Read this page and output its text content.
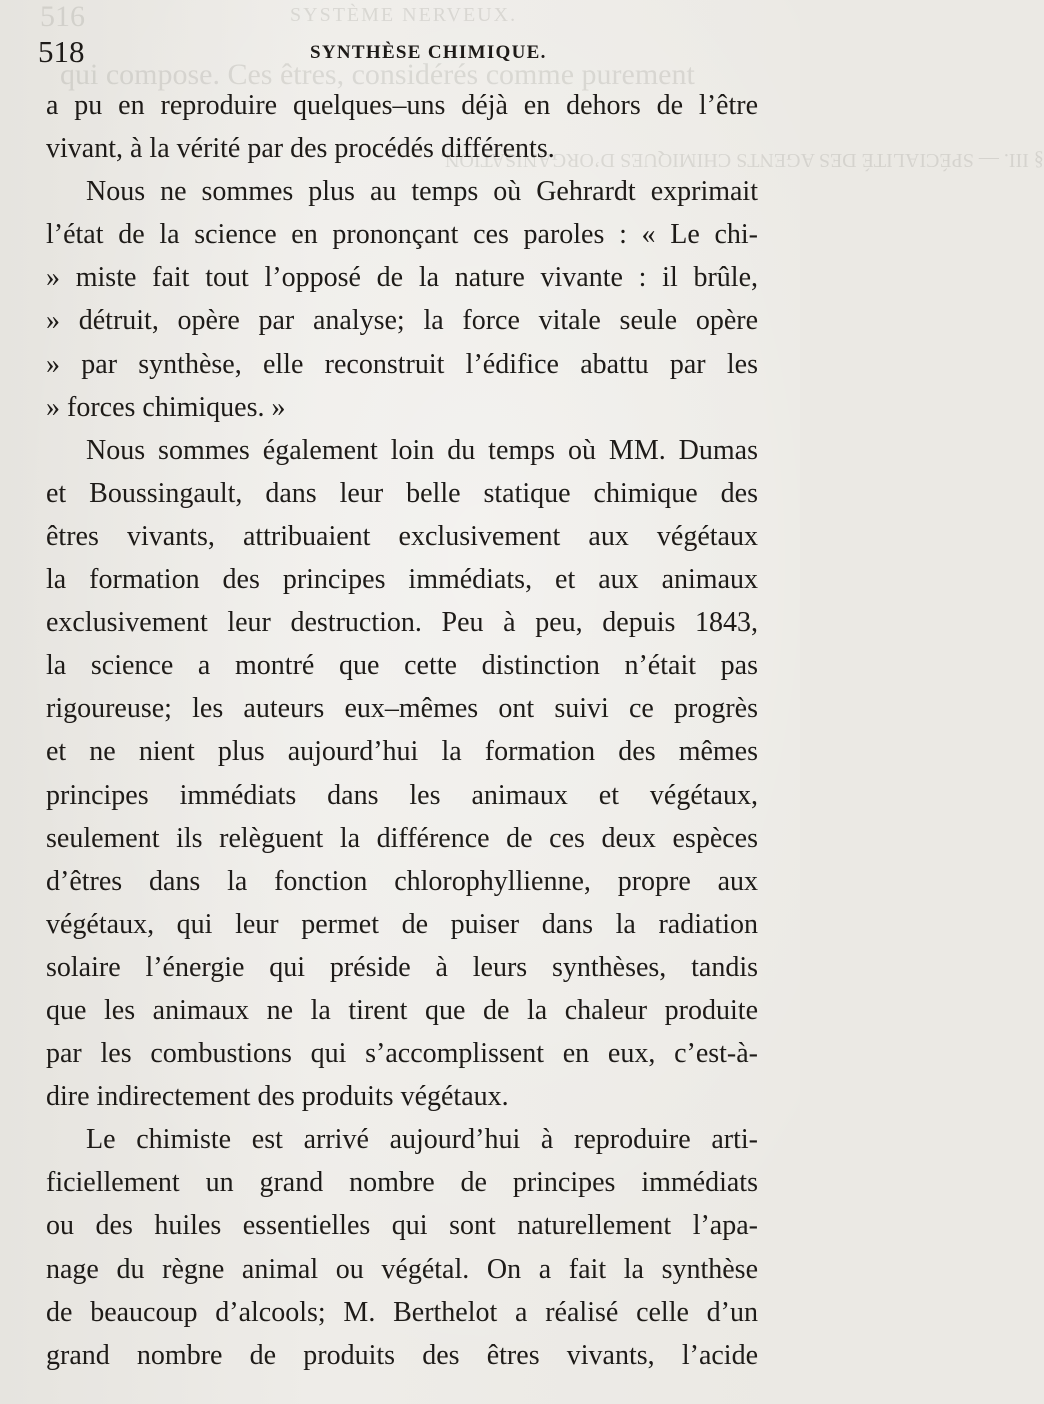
516	SYSTÈME NERVEUX.
qui compose. Ces êtres, considérés comme purement
§ III. — SPÉCIALITÉ DES AGENTS CHIMIQUES D’ORGANISATION.
518	SYNTHÈSE CHIMIQUE.
a pu en reproduire quelques–uns déjà en dehors de l’être
vivant, à la vérité par des procédés différents.
Nous ne sommes plus au temps où Gehrardt exprimait
l’état de la science en prononçant ces paroles : « Le chi-
» miste fait tout l’opposé de la nature vivante : il brûle,
» détruit, opère par analyse; la force vitale seule opère
» par synthèse, elle reconstruit l’édifice abattu par les
» forces chimiques. »
Nous sommes également loin du temps où MM. Dumas
et Boussingault, dans leur belle statique chimique des
êtres vivants, attribuaient exclusivement aux végétaux
la formation des principes immédiats, et aux animaux
exclusivement leur destruction. Peu à peu, depuis 1843,
la science a montré que cette distinction n’était pas
rigoureuse; les auteurs eux–mêmes ont suivi ce progrès
et ne nient plus aujourd’hui la formation des mêmes
principes immédiats dans les animaux et végétaux,
seulement ils relèguent la différence de ces deux espèces
d’êtres dans la fonction chlorophyllienne, propre aux
végétaux, qui leur permet de puiser dans la radiation
solaire l’énergie qui préside à leurs synthèses, tandis
que les animaux ne la tirent que de la chaleur produite
par les combustions qui s’accomplissent en eux, c’est-à-
dire indirectement des produits végétaux.
Le chimiste est arrivé aujourd’hui à reproduire arti-
ficiellement un grand nombre de principes immédiats
ou des huiles essentielles qui sont naturellement l’apa-
nage du règne animal ou végétal. On a fait la synthèse
de beaucoup d’alcools; M. Berthelot a réalisé celle d’un
grand nombre de produits des êtres vivants, l’acide
